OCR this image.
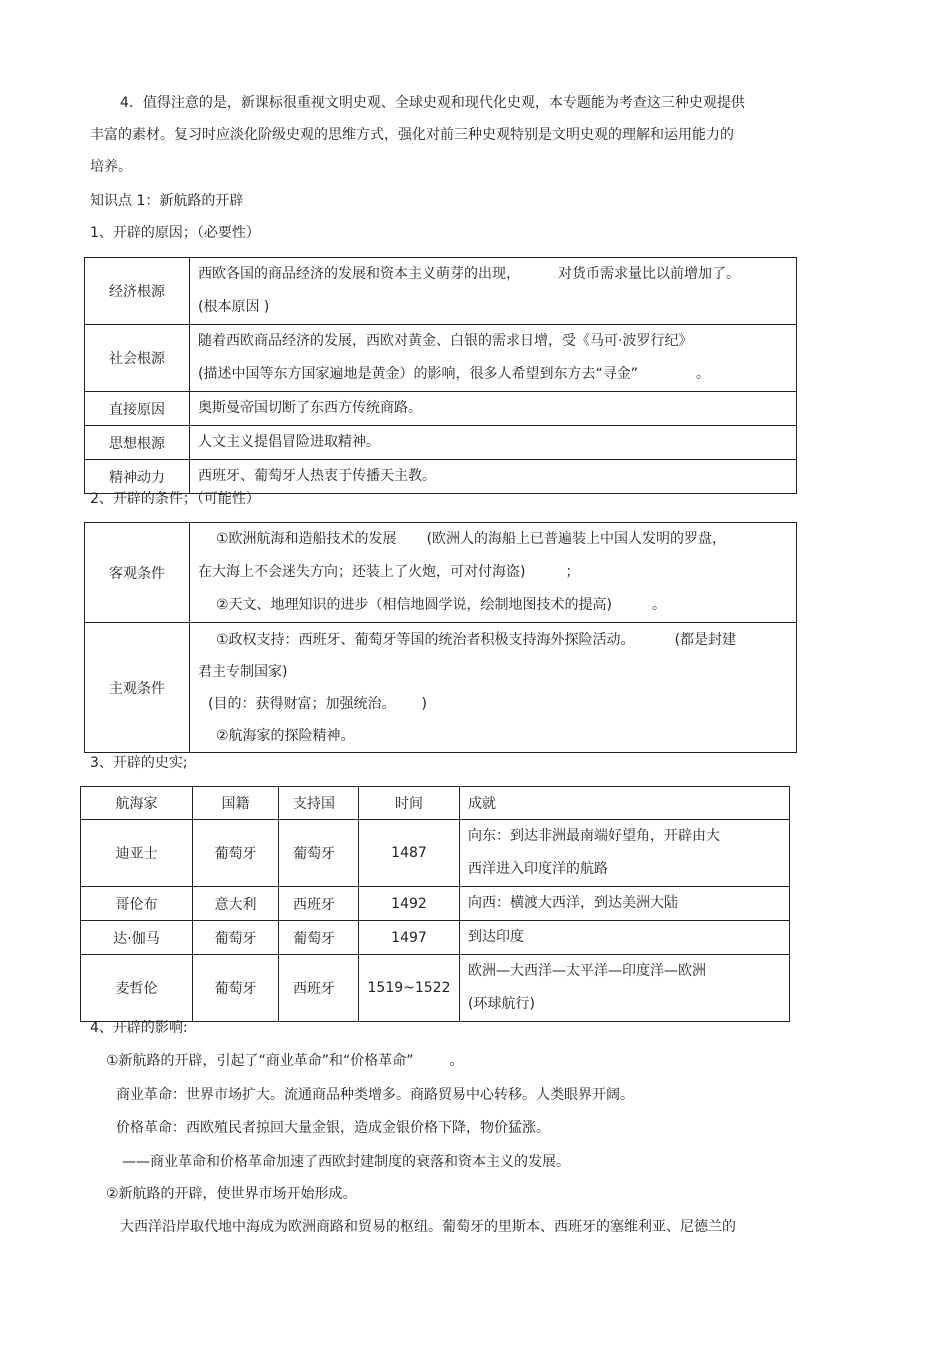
4．值得注意的是，新课标很重视文明史观、全球史观和现代化史观，本专题能为考查这三种史观提供
丰富的素材。复习时应淡化阶级史观的思维方式，强化对前三种史观特别是文明史观的理解和运用能力的
培养。
知识点 1：新航路的开辟
1、开辟的原因；（必要性）
经济根源	西欧各国的商品经济的发展和资本主义萌芽的出现， 对货币需求量比以前增加了。
(根本原因 )

社会根源	随着西欧商品经济的发展，西欧对黄金、白银的需求日增，受《马可·波罗行纪》
(描述中国等东方国家遍地是黄金）的影响，很多人希望到东方去“寻金” 。

直接原因	奥斯曼帝国切断了东西方传统商路。
思想根源	人文主义提倡冒险进取精神。
精神动力	西班牙、葡萄牙人热衷于传播天主教。
2、开辟的条件；（可能性）
客观条件	①欧洲航海和造船技术的发展 (欧洲人的海船上已普遍装上中国人发明的罗盘，
在大海上不会迷失方向；还装上了火炮，可对付海盗) ；
②天文、地理知识的进步（相信地圆学说，绘制地图技术的提高) 。

主观条件	①政权支持：西班牙、葡萄牙等国的统治者积极支持海外探险活动。 (都是封建
君主专制国家)
(目的：获得财富；加强统治。 )
②航海家的探险精神。
3、开辟的史实;
航海家	国籍	支持国	时间	成就
迪亚士	葡萄牙	葡萄牙	1487	向东：到达非洲最南端好望角，开辟由大
西洋进入印度洋的航路

哥伦布	意大利	西班牙	1492	向西：横渡大西洋，到达美洲大陆
达·伽马	葡萄牙	葡萄牙	1497	到达印度
麦哲伦	葡萄牙	西班牙	1519~1522	欧洲—大西洋—太平洋—印度洋—欧洲
(环球航行)
4、开辟的影响:
①新航路的开辟，引起了“商业革命”和“价格革命”	。
商业革命：世界市场扩大。流通商品种类增多。商路贸易中心转移。人类眼界开阔。
价格革命：西欧殖民者掠回大量金银，造成金银价格下降，物价猛涨。
——商业革命和价格革命加速了西欧封建制度的衰落和资本主义的发展。
②新航路的开辟，使世界市场开始形成。
大西洋沿岸取代地中海成为欧洲商路和贸易的枢纽。葡萄牙的里斯本、西班牙的塞维利亚、尼德兰的
